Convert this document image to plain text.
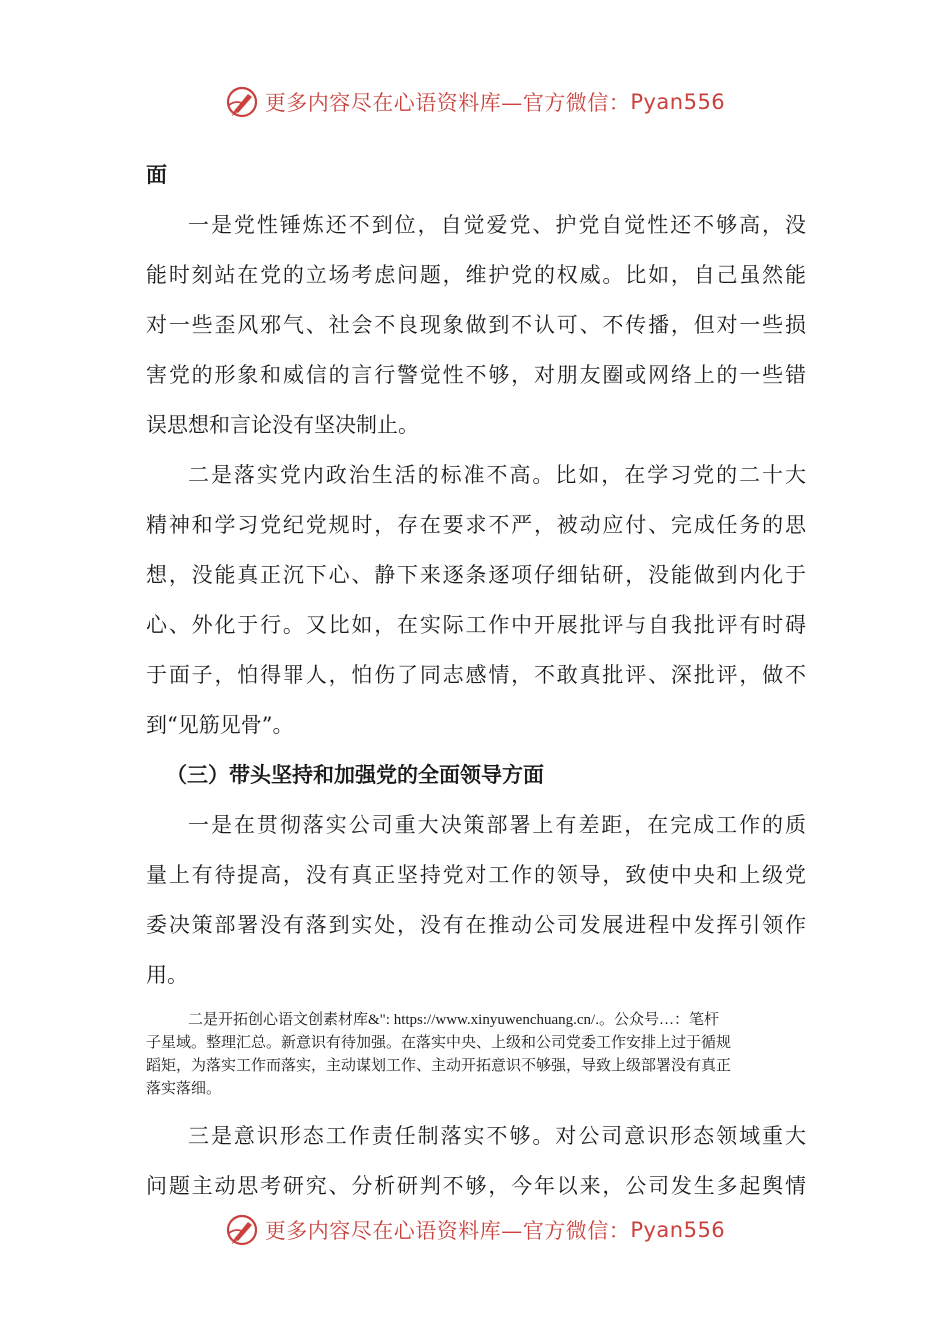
更多内容尽在心语资料库—官方微信： Pyan556
面
一是党性锤炼还不到位，自觉爱党、护党自觉性还不够高，没
能时刻站在党的立场考虑问题，维护党的权威。比如，自己虽然能
对一些歪风邪气、社会不良现象做到不认可、不传播，但对一些损
害党的形象和威信的言行警觉性不够，对朋友圈或网络上的一些错
误思想和言论没有坚决制止。
二是落实党内政治生活的标准不高。比如，在学习党的二十大
精神和学习党纪党规时，存在要求不严，被动应付、完成任务的思
想，没能真正沉下心、静下来逐条逐项仔细钻研，没能做到内化于
心、外化于行。又比如，在实际工作中开展批评与自我批评有时碍
于面子，怕得罪人，怕伤了同志感情，不敢真批评、深批评，做不
到“见筋见骨”。
（三）带头坚持和加强党的全面领导方面
一是在贯彻落实公司重大决策部署上有差距，在完成工作的质
量上有待提高，没有真正坚持党对工作的领导，致使中央和上级党
委决策部署没有落到实处，没有在推动公司发展进程中发挥引领作
用。
二是开拓创心语文创素材库&": https://www.xinyuwenchuang.cn/.。公众号…：笔杆
子星域。整理汇总。新意识有待加强。在落实中央、上级和公司党委工作安排上过于循规
蹈矩，为落实工作而落实，主动谋划工作、主动开拓意识不够强，导致上级部署没有真正
落实落细。
三是意识形态工作责任制落实不够。对公司意识形态领域重大
问题主动思考研究、分析研判不够，今年以来，公司发生多起舆情
更多内容尽在心语资料库—官方微信： Pyan556
